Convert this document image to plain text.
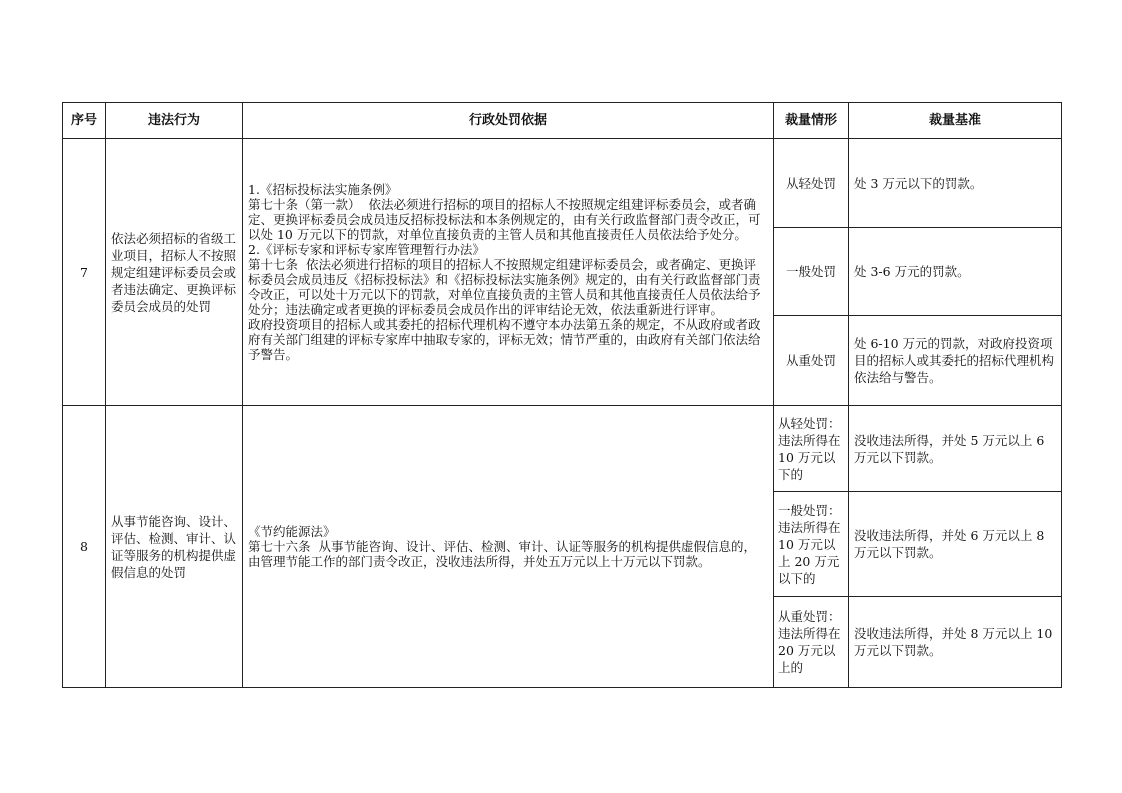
序号	违法行为	行政处罚依据	裁量情形	裁量基准
7	依法必须招标的省级工业项目，招标人不按照规定组建评标委员会或者违法确定、更换评标委员会成员的处罚	1.《招标投标法实施条例》
第七十条（第一款）  依法必须进行招标的项目的招标人不按照规定组建评标委员会，或者确定、更换评标委员会成员违反招标投标法和本条例规定的，由有关行政监督部门责令改正，可以处 10 万元以下的罚款，对单位直接负责的主管人员和其他直接责任人员依法给予处分。
2.《评标专家和评标专家库管理暂行办法》
第十七条  依法必须进行招标的项目的招标人不按照规定组建评标委员会，或者确定、更换评标委员会成员违反《招标投标法》和《招标投标法实施条例》规定的，由有关行政监督部门责令改正，可以处十万元以下的罚款，对单位直接负责的主管人员和其他直接责任人员依法给予处分；违法确定或者更换的评标委员会成员作出的评审结论无效，依法重新进行评审。
政府投资项目的招标人或其委托的招标代理机构不遵守本办法第五条的规定，不从政府或者政府有关部门组建的评标专家库中抽取专家的，评标无效；情节严重的，由政府有关部门依法给予警告。	从轻处罚	处 3 万元以下的罚款。
			一般处罚	处 3-6 万元的罚款。
			从重处罚	处 6-10 万元的罚款，对政府投资项目的招标人或其委托的招标代理机构依法给与警告。
8	从事节能咨询、设计、评估、检测、审计、认证等服务的机构提供虚假信息的处罚	《节约能源法》
第七十六条  从事节能咨询、设计、评估、检测、审计、认证等服务的机构提供虚假信息的，由管理节能工作的部门责令改正，没收违法所得，并处五万元以上十万元以下罚款。	从轻处罚：违法所得在 10 万元以下的	没收违法所得，并处 5 万元以上 6 万元以下罚款。
			一般处罚：违法所得在 10 万元以上 20 万元以下的	没收违法所得，并处 6 万元以上 8 万元以下罚款。
			从重处罚：违法所得在 20 万元以上的	没收违法所得，并处 8 万元以上 10 万元以下罚款。
